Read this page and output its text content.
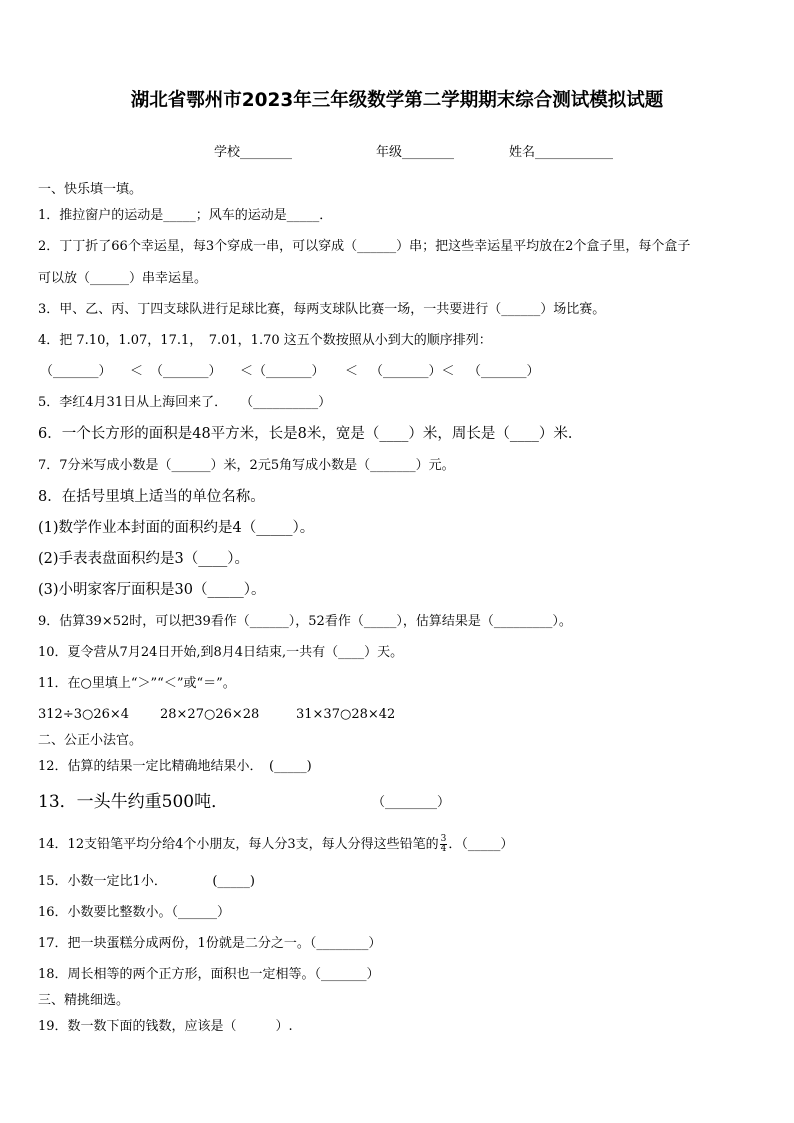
湖北省鄂州市2023年三年级数学第二学期期末综合测试模拟试题
学校________	年级________	姓名____________
一、快乐填一填。
1．推拉窗户的运动是_____；风车的运动是_____．
2．丁丁折了66个幸运星，每3个穿成一串，可以穿成（______）串；把这些幸运星平均放在2个盒子里，每个盒子
可以放（______）串幸运星。
3．甲、乙、丙、丁四支球队进行足球比赛，每两支球队比赛一场，一共要进行（______）场比赛。
4．把 7.10，1.07，17.1，　7.01，1.70 这五个数按照从小到大的顺序排列：
（_______） ＜ （_______） ＜（_______） ＜ （_______）＜ （_______）
5．李红4月31日从上海回来了．　　（__________）
6．一个长方形的面积是48平方米，长是8米，宽是（____）米，周长是（____）米．
7．7分米写成小数是（______）米，2元5角写成小数是（_______）元。
8．在括号里填上适当的单位名称。
(1)数学作业本封面的面积约是4（_____）。
(2)手表表盘面积约是3（____）。
(3)小明家客厅面积是30（_____）。
9．估算39×52时，可以把39看作（______），52看作（_____），估算结果是（_________）。
10．夏令营从7月24日开始,到8月4日结束,一共有（____）天。
11．在○里填上“＞”“＜”或“＝”。
312÷3○26×4 28×27○26×28	31×37○28×42
二、公正小法官。
12．估算的结果一定比精确地结果小．　(_____)
13．一头牛约重500吨．	（________）
14．12支铅笔平均分给4个小朋友，每人分3支，每人分得这些铅笔的 $\frac{3}{4}$ ．（_____）
15．小数一定比1小．　　　　(_____)
16．小数要比整数小。（______）
17．把一块蛋糕分成两份，1份就是二分之一。（________）
18．周长相等的两个正方形，面积也一定相等。（_______）
三、精挑细选。
19．数一数下面的钱数，应该是（　　　）.
